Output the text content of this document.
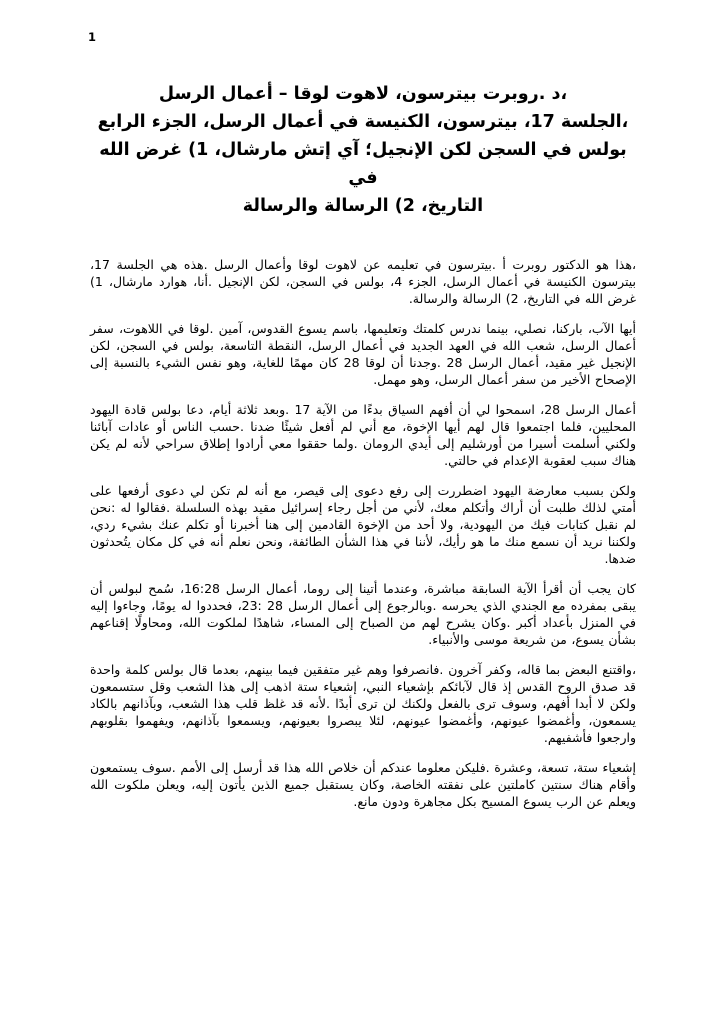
1
،د .روبرت بيترسون، لاهوت لوقا – أعمال الرسل
،الجلسة 17، بيترسون، الكنيسة في أعمال الرسل، الجزء الرابع
بولس في السجن لكن الإنجيل؛ آي إتش مارشال، 1) غرض الله في
التاريخ، 2) الرسالة والرسالة

،هذا هو الدكتور روبرت أ .بيترسون في تعليمه عن لاهوت لوقا وأعمال الرسل .هذه هي الجلسة 17، بيترسون الكنيسة في أعمال الرسل، الجزء 4، بولس في السجن، لكن الإنجيل .أنا، هوارد مارشال، 1) غرض الله في التاريخ، 2) الرسالة والرسالة.

أيها الآب، باركنا، نصلي، بينما ندرس كلمتك وتعليمها، باسم يسوع القدوس، آمين .لوقا في اللاهوت، سفر أعمال الرسل، شعب الله في العهد الجديد في أعمال الرسل، النقطة التاسعة، بولس في السجن، لكن الإنجيل غير مقيد، أعمال الرسل 28 .وجدنا أن لوقا 28 كان مهمًا للغاية، وهو نفس الشيء بالنسبة إلى الإصحاح الأخير من سفر أعمال الرسل، وهو مهمل.

أعمال الرسل 28، اسمحوا لي أن أفهم السياق بدءًا من الآية 17 .وبعد ثلاثة أيام، دعا بولس قادة اليهود المحليين، فلما اجتمعوا قال لهم أيها الإخوة، مع أني لم أفعل شيئًا ضدنا .حسب الناس أو عادات آبائنا ولكني أسلمت أسيرا من أورشليم إلى أيدي الرومان .ولما حققوا معي أرادوا إطلاق سراحي لأنه لم يكن هناك سبب لعقوبة الإعدام في حالتي.

ولكن بسبب معارضة اليهود اضطررت إلى رفع دعوى إلى قيصر، مع أنه لم تكن لي دعوى أرفعها على أمتي لذلك طلبت أن أراك وأتكلم معك، لأني من أجل رجاء إسرائيل مقيد بهذه السلسلة .فقالوا له :نحن لم نقبل كتابات فيك من اليهودية، ولا أحد من الإخوة القادمين إلى هنا أخبرنا أو تكلم عنك بشيء ردي، ولكننا نريد أن نسمع منك ما هو رأيك، لأننا في هذا الشأن الطائفة، ونحن نعلم أنه في كل مكان يتُحدثون ضدها.

كان يجب أن أقرأ الآية السابقة مباشرة، وعندما أتينا إلى روما، أعمال الرسل 16:28، سُمح لبولس أن يبقى بمفرده مع الجندي الذي يحرسه .وبالرجوع إلى أعمال الرسل 28 :23، فحددوا له يومًا، وجاءوا إليه في المنزل بأعداد أكبر .وكان يشرح لهم من الصباح إلى المساء، شاهدًا لملكوت الله، ومحاولًا إقناعهم بشأن يسوع، من شريعة موسى والأنبياء.

،واقتنع البعض بما قاله، وكفر آخرون .فانصرفوا وهم غير متفقين فيما بينهم، بعدما قال بولس كلمة واحدة قد صدق الروح القدس إذ قال لآبائكم بإشعياء النبي، إشعياء ستة اذهب إلى هذا الشعب وقل ستسمعون ولكن لا أبدا أفهم، وسوف ترى بالفعل ولكنك لن ترى أبدًا .لأنه قد غلظ قلب هذا الشعب، وبآذانهم بالكاد يسمعون، وأغمضوا عيونهم، وأغمضوا عيونهم، لئلا يبصروا بعيونهم، ويسمعوا بآذانهم، ويفهموا بقلوبهم وارجعوا فأشفيهم.

إشعياء ستة، تسعة، وعشرة .فليكن معلوما عندكم أن خلاص الله هذا قد أرسل إلى الأمم .سوف يستمعون وأقام هناك سنتين كاملتين على نفقته الخاصة، وكان يستقبل جميع الذين يأتون إليه، ويعلن ملكوت الله ويعلم عن الرب يسوع المسيح بكل مجاهرة ودون مانع.
